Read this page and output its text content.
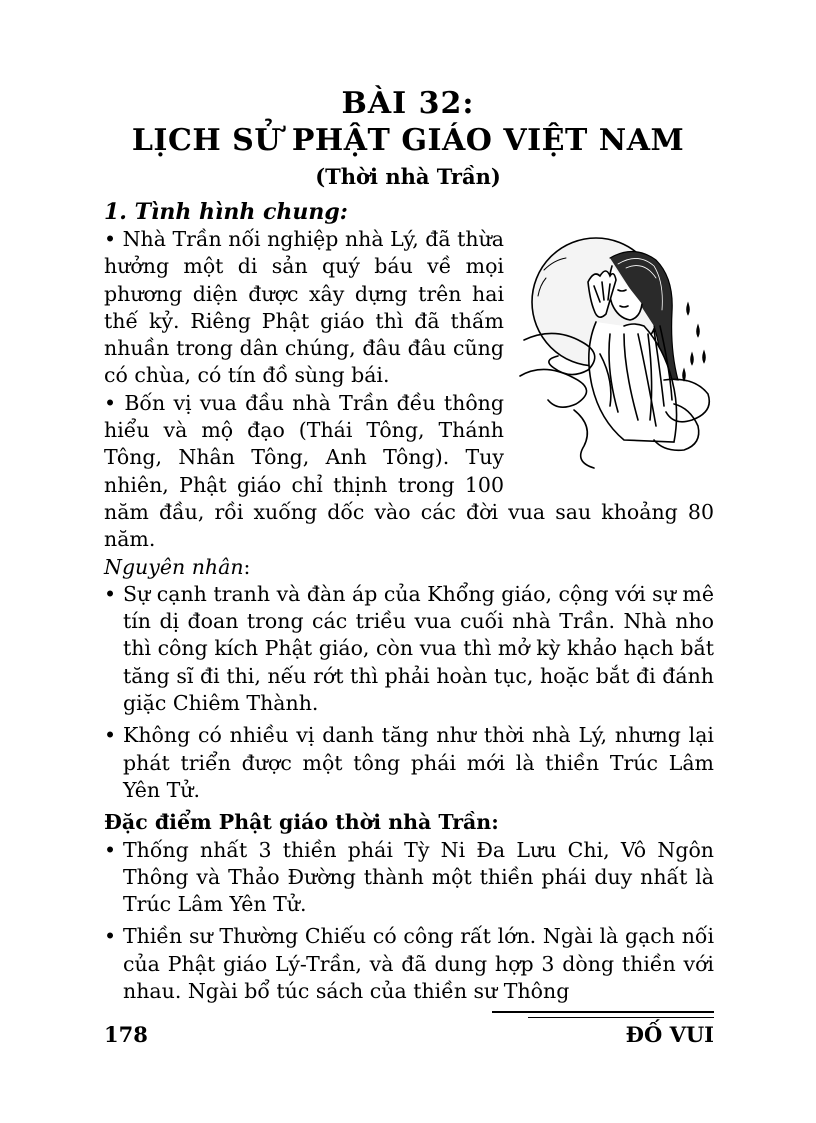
BÀI 32:
LỊCH SỬ PHẬT GIÁO VIỆT NAM
(Thời nhà Trần)

1. Tình hình chung:

• Nhà Trần nối nghiệp nhà Lý, đã thừa hưởng một di sản quý báu về mọi phương diện được xây dựng trên hai thế kỷ. Riêng Phật giáo thì đã thấm nhuần trong dân chúng, đâu đâu cũng có chùa, có tín đồ sùng bái.

• Bốn vị vua đầu nhà Trần đều thông hiểu và mộ đạo (Thái Tông, Thánh Tông, Nhân Tông, Anh Tông). Tuy nhiên, Phật giáo chỉ thịnh trong 100 năm đầu, rồi xuống dốc vào các đời vua sau khoảng 80 năm.

Nguyên nhân:

• Sự cạnh tranh và đàn áp của Khổng giáo, cộng với sự mê tín dị đoan trong các triều vua cuối nhà Trần. Nhà nho thì công kích Phật giáo, còn vua thì mở kỳ khảo hạch bắt tăng sĩ đi thi, nếu rớt thì phải hoàn tục, hoặc bắt đi đánh giặc Chiêm Thành.
• Không có nhiều vị danh tăng như thời nhà Lý, nhưng lại phát triển được một tông phái mới là thiền Trúc Lâm Yên Tử.

Đặc điểm Phật giáo thời nhà Trần:

• Thống nhất 3 thiền phái Tỳ Ni Đa Lưu Chi, Vô Ngôn Thông và Thảo Đường thành một thiền phái duy nhất là Trúc Lâm Yên Tử.
• Thiền sư Thường Chiếu có công rất lớn. Ngài là gạch nối của Phật giáo Lý-Trần, và đã dung hợp 3 dòng thiền với nhau. Ngài bổ túc sách của thiền sư Thông
178	ĐỐ VUI
